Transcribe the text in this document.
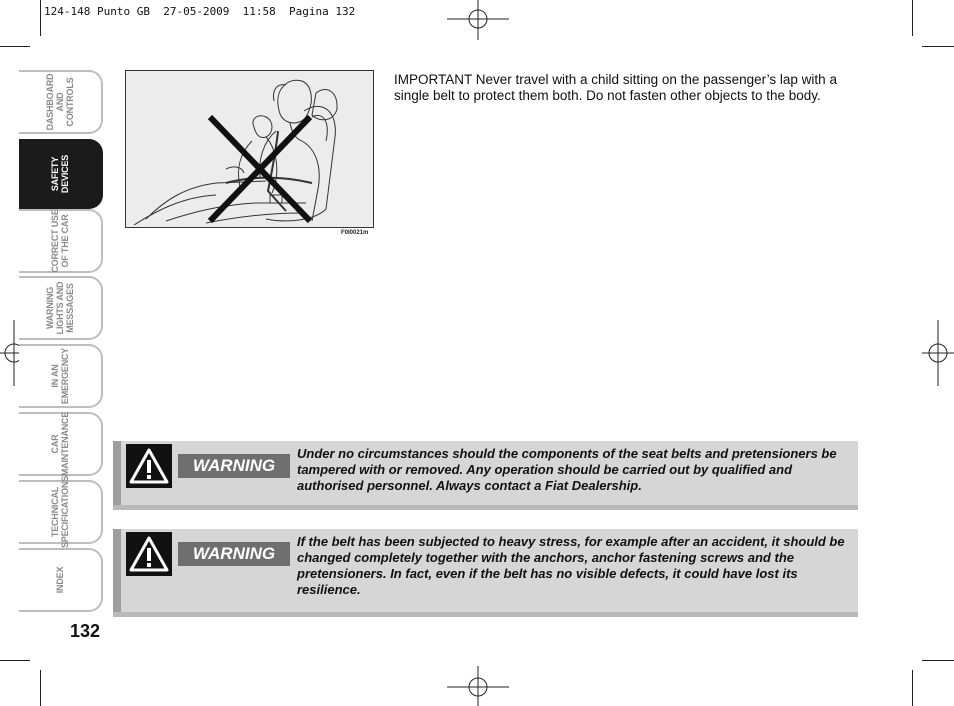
124-148 Punto GB  27-05-2009  11:58  Pagina 132
DASHBOARD
AND
CONTROLS
SAFETY
DEVICES
CORRECT USE
OF THE CAR
WARNING
LIGHTS AND
MESSAGES
IN AN
EMERGENCY
CAR
MAINTENANCE
TECHNICAL
SPECIFICATIONS
INDEX
132
F0I0021m
IMPORTANT Never travel with a child sitting on the passenger’s lap with a single belt to protect them both. Do not fasten other objects to the body.
WARNING
Under no circumstances should the components of the seat belts and pretensioners be tampered with or removed. Any operation should be carried out by qualified and authorised personnel. Always contact a Fiat Dealership.
WARNING
If the belt has been subjected to heavy stress, for example after an accident, it should be changed completely together with the anchors, anchor fastening screws and the pretensioners. In fact, even if the belt has no visible defects, it could have lost its resilience.
